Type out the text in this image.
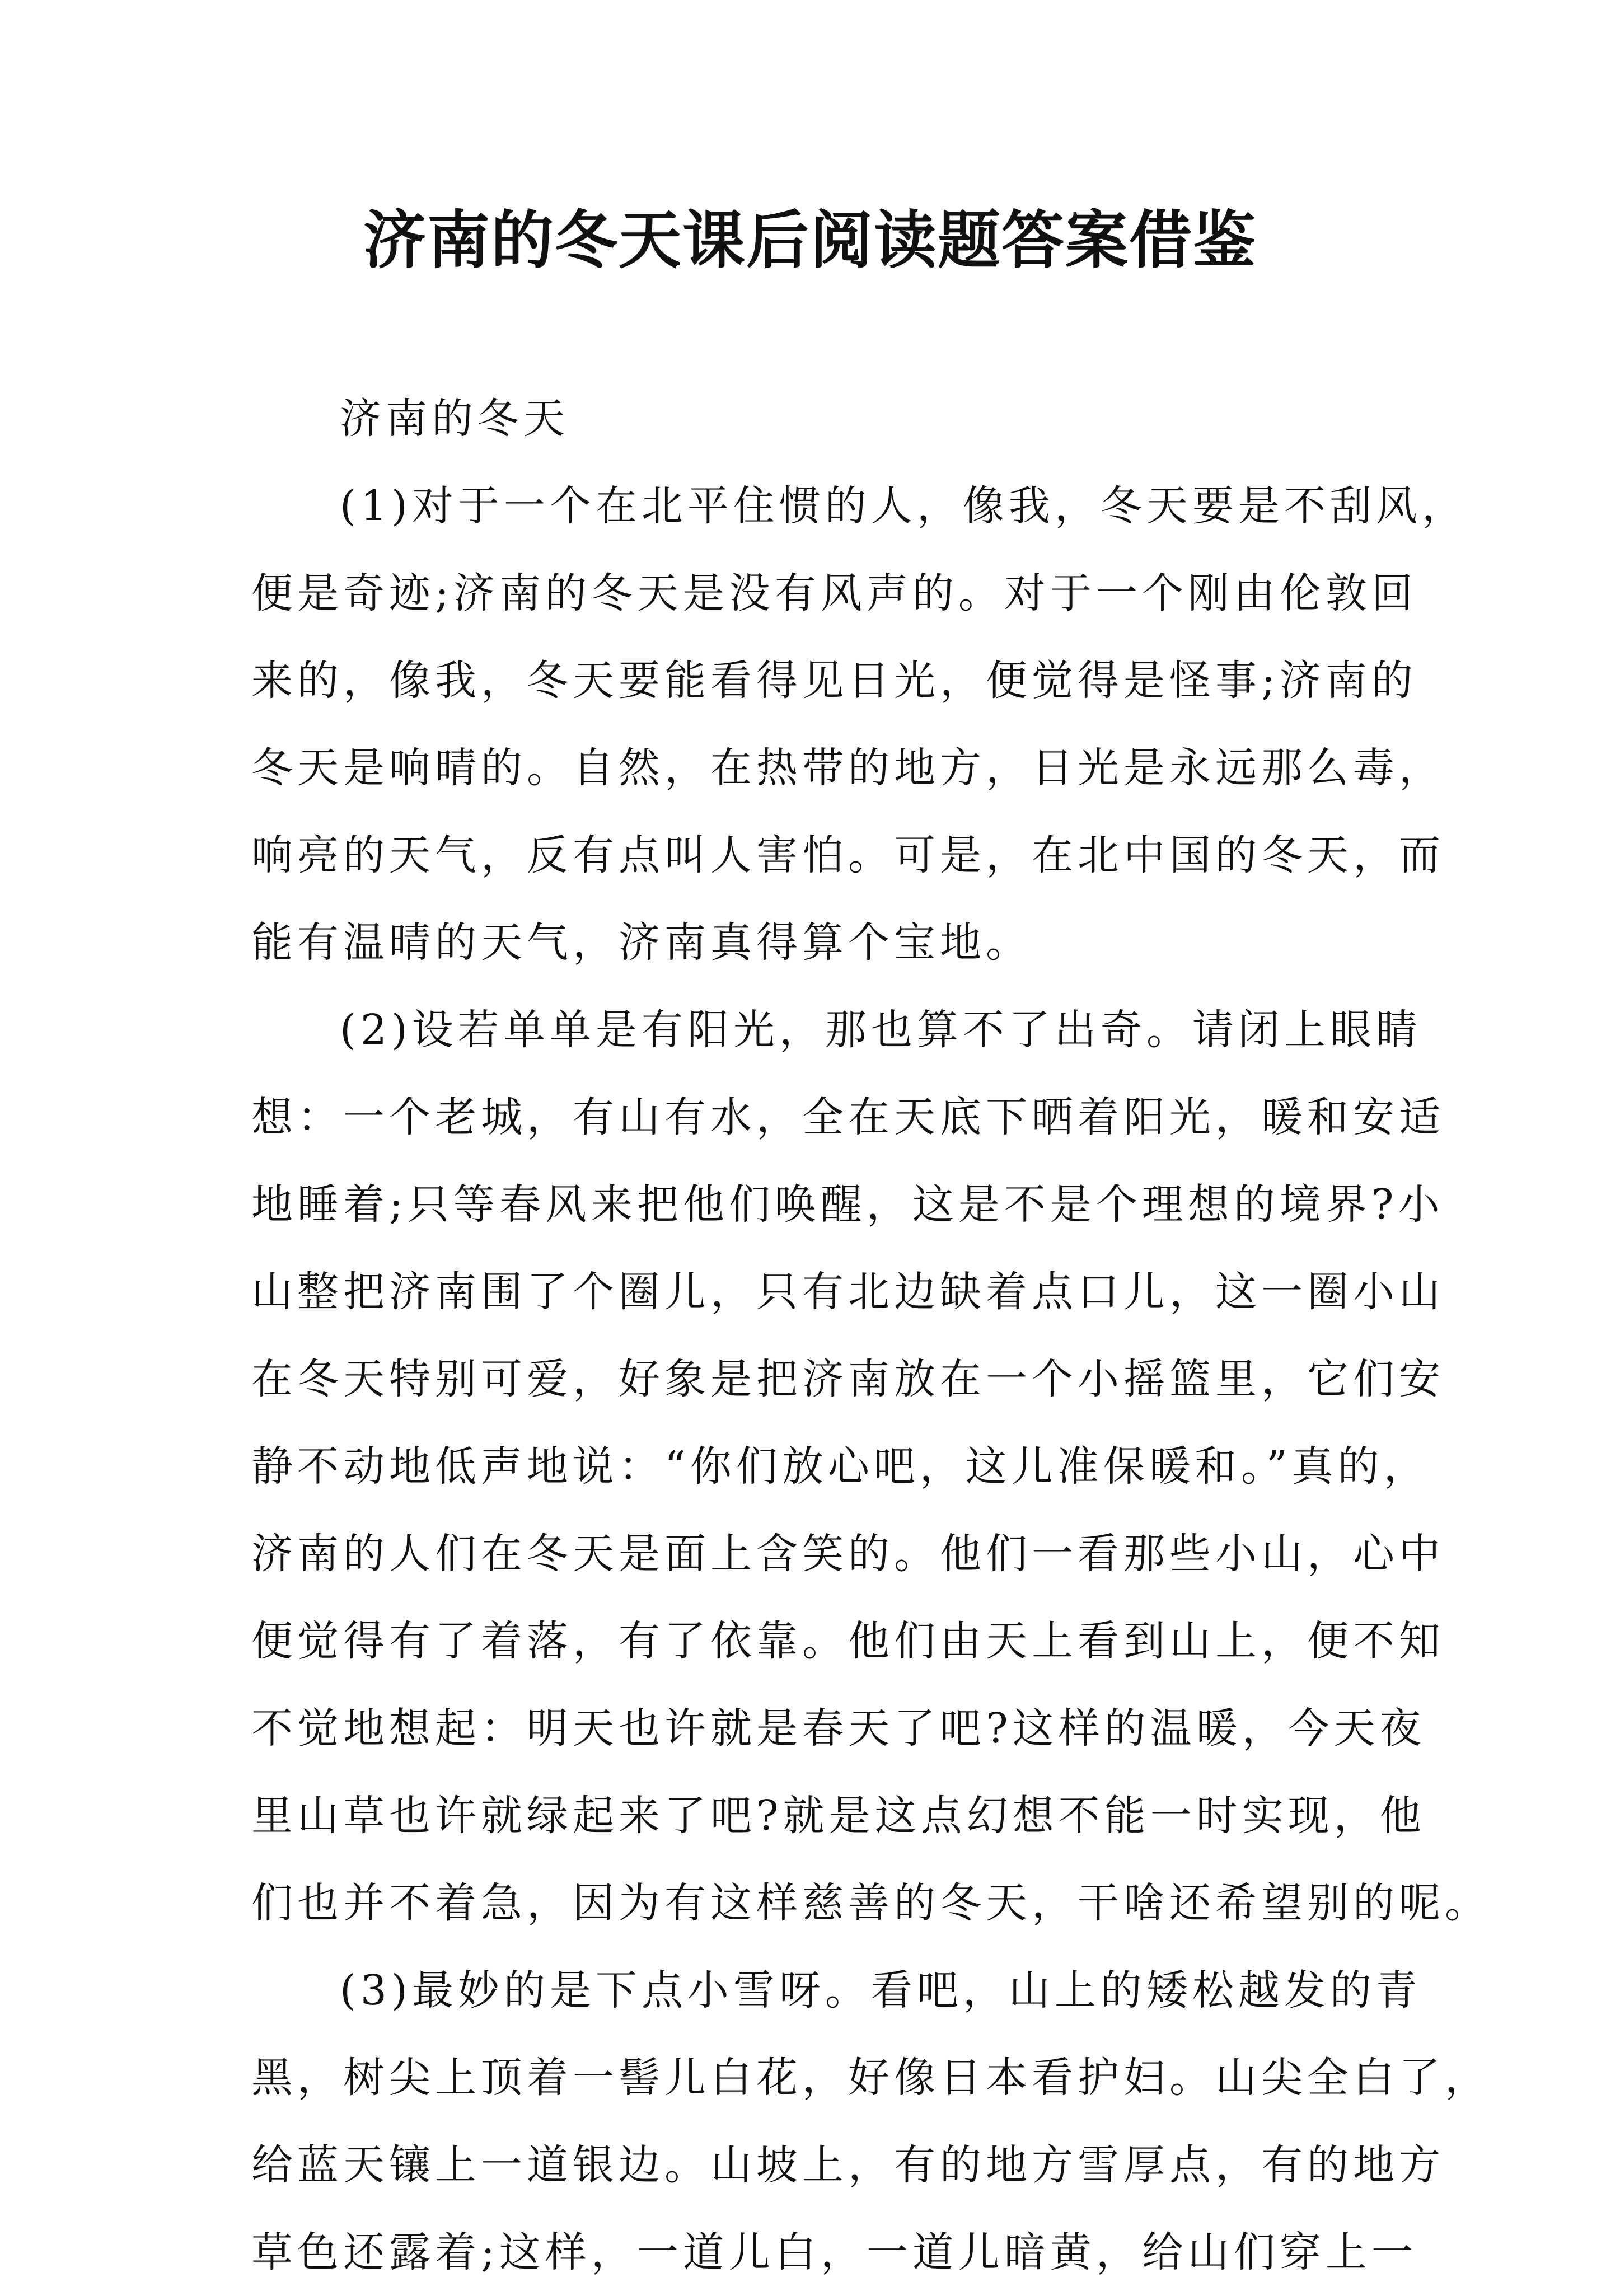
济南的冬天课后阅读题答案借鉴
济南的冬天
(1)对于一个在北平住惯的人，像我，冬天要是不刮风，
便是奇迹;济南的冬天是没有风声的。对于一个刚由伦敦回
来的，像我，冬天要能看得见日光，便觉得是怪事;济南的
冬天是响晴的。自然，在热带的地方，日光是永远那么毒，
响亮的天气，反有点叫人害怕。可是，在北中国的冬天，而
能有温晴的天气，济南真得算个宝地。
(2)设若单单是有阳光，那也算不了出奇。请闭上眼睛
想：一个老城，有山有水，全在天底下晒着阳光，暖和安适
地睡着;只等春风来把他们唤醒，这是不是个理想的境界?小
山整把济南围了个圈儿，只有北边缺着点口儿，这一圈小山
在冬天特别可爱，好象是把济南放在一个小摇篮里，它们安
静不动地低声地说：“你们放心吧，这儿准保暖和。”真的，
济南的人们在冬天是面上含笑的。他们一看那些小山，心中
便觉得有了着落，有了依靠。他们由天上看到山上，便不知
不觉地想起：明天也许就是春天了吧?这样的温暖，今天夜
里山草也许就绿起来了吧?就是这点幻想不能一时实现，他
们也并不着急，因为有这样慈善的冬天，干啥还希望别的呢。
(3)最妙的是下点小雪呀。看吧，山上的矮松越发的青
黑，树尖上顶着一髻儿白花，好像日本看护妇。山尖全白了，
给蓝天镶上一道银边。山坡上，有的地方雪厚点，有的地方
草色还露着;这样，一道儿白，一道儿暗黄，给山们穿上一
